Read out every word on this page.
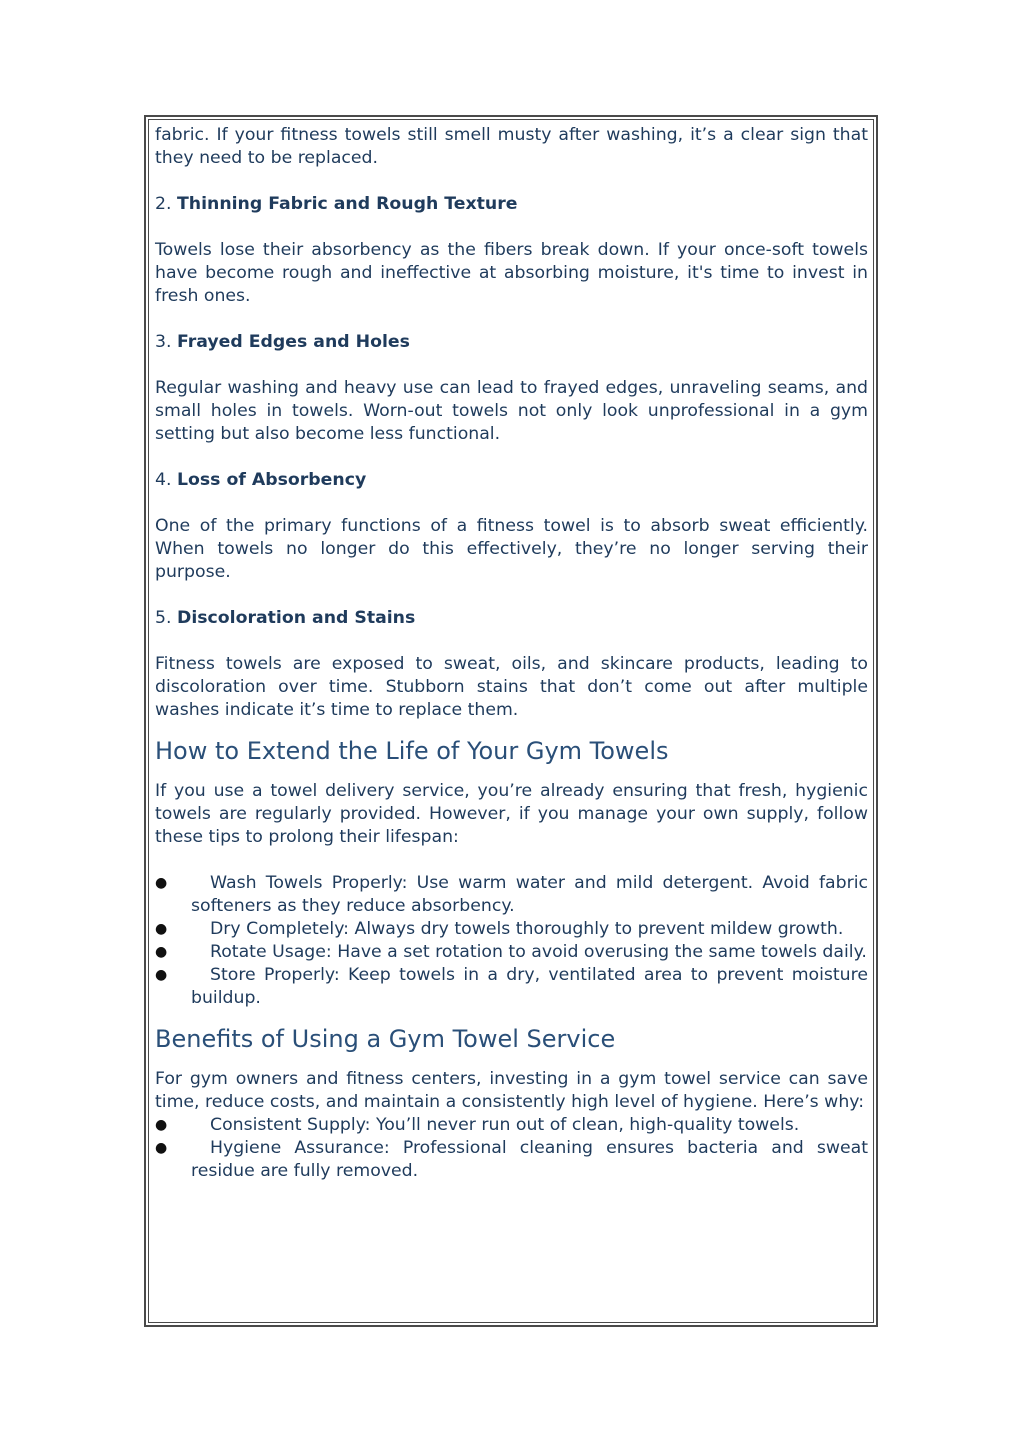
fabric. If your fitness towels still smell musty after washing, it’s a clear sign that they need to be replaced.

2. Thinning Fabric and Rough Texture

Towels lose their absorbency as the fibers break down. If your once-soft towels have become rough and ineffective at absorbing moisture, it's time to invest in fresh ones.

3. Frayed Edges and Holes

Regular washing and heavy use can lead to frayed edges, unraveling seams, and small holes in towels. Worn-out towels not only look unprofessional in a gym setting but also become less functional.

4. Loss of Absorbency

One of the primary functions of a fitness towel is to absorb sweat efficiently. When towels no longer do this effectively, they’re no longer serving their purpose.

5. Discoloration and Stains

Fitness towels are exposed to sweat, oils, and skincare products, leading to discoloration over time. Stubborn stains that don’t come out after multiple washes indicate it’s time to replace them.

How to Extend the Life of Your Gym Towels

If you use a towel delivery service, you’re already ensuring that fresh, hygienic towels are regularly provided. However, if you manage your own supply, follow these tips to prolong their lifespan:

● Wash Towels Properly: Use warm water and mild detergent. Avoid fabric softeners as they reduce absorbency.
● Dry Completely: Always dry towels thoroughly to prevent mildew growth.
● Rotate Usage: Have a set rotation to avoid overusing the same towels daily.
● Store Properly: Keep towels in a dry, ventilated area to prevent moisture buildup.
Benefits of Using a Gym Towel Service

For gym owners and fitness centers, investing in a gym towel service can save time, reduce costs, and maintain a consistently high level of hygiene. Here’s why:

● Consistent Supply: You’ll never run out of clean, high-quality towels.
● Hygiene Assurance: Professional cleaning ensures bacteria and sweat residue are fully removed.
